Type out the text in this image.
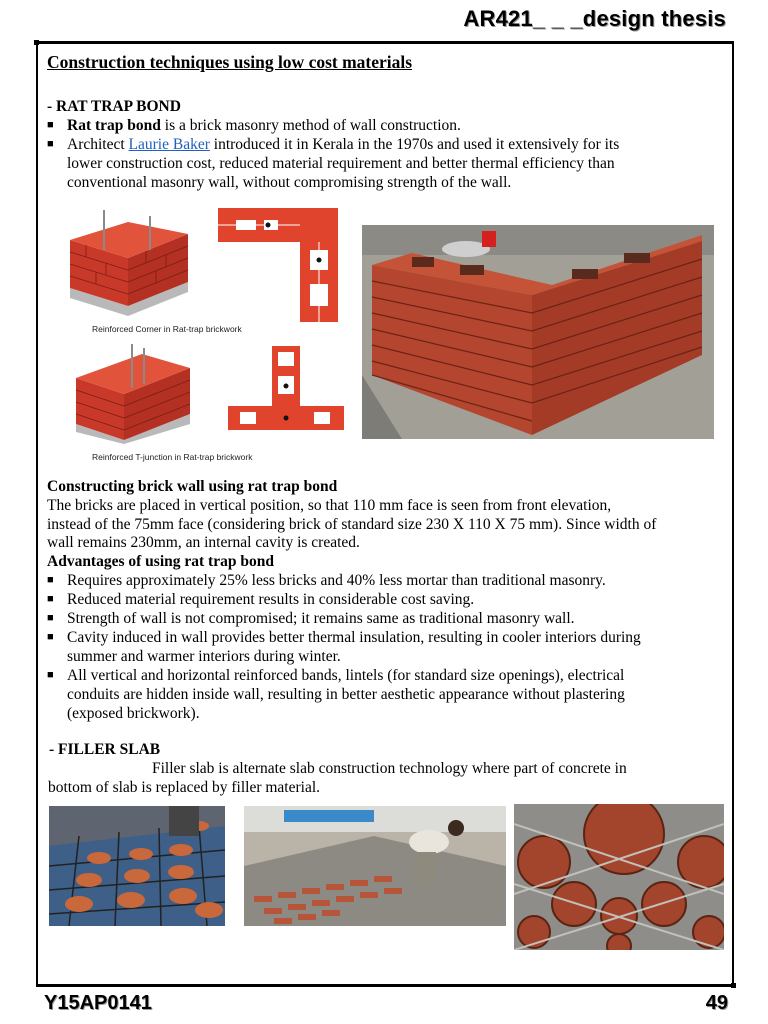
AR421_ _ _design thesis
Construction techniques using low cost materials
- RAT TRAP BOND
■ Rat trap bond is a brick masonry method of wall construction.
■ Architect Laurie Baker introduced it in Kerala in the 1970s and used it extensively for its
lower construction cost, reduced material requirement and better thermal efficiency than
conventional masonry wall, without compromising strength of the wall.
Reinforced Corner in Rat-trap brickwork
Reinforced T-junction in Rat-trap brickwork
Constructing brick wall using rat trap bond
The bricks are placed in vertical position, so that 110 mm face is seen from front elevation,
instead of the 75mm face (considering brick of standard size 230 X 110 X 75 mm). Since width of
wall remains 230mm, an internal cavity is created.
Advantages of using rat trap bond
■ Requires approximately 25% less bricks and 40% less mortar than traditional masonry.
■ Reduced material requirement results in considerable cost saving.
■ Strength of wall is not compromised; it remains same as traditional masonry wall.
■ Cavity induced in wall provides better thermal insulation, resulting in cooler interiors during
summer and warmer interiors during winter.
■ All vertical and horizontal reinforced bands, lintels (for standard size openings), electrical
conduits are hidden inside wall, resulting in better aesthetic appearance without plastering
(exposed brickwork).
- FILLER SLAB
Filler slab is alternate slab construction technology where part of concrete in
bottom of slab is replaced by filler material.
Y15AP0141	49
